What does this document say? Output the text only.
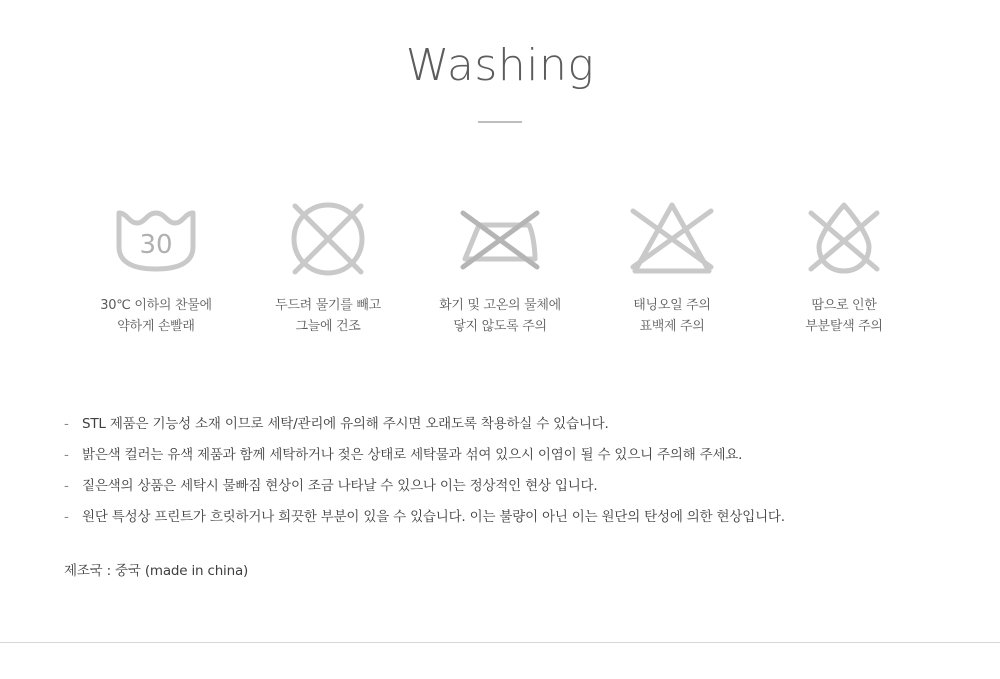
Washing
30
30℃ 이하의 찬물에
약하게 손빨래
두드려 물기를 빼고
그늘에 건조
화기 및 고온의 물체에
닿지 않도록 주의
태닝오일 주의
표백제 주의
땀으로 인한
부분탈색 주의
- STL 제품은 기능성 소재 이므로 세탁/관리에 유의해 주시면 오래도록 착용하실 수 있습니다.
- 밝은색 컬러는 유색 제품과 함께 세탁하거나 젖은 상태로 세탁물과 섞여 있으시 이염이 될 수 있으니 주의해 주세요.
- 짙은색의 상품은 세탁시 물빠짐 현상이 조금 나타날 수 있으나 이는 정상적인 현상 입니다.
- 원단 특성상 프린트가 흐릿하거나 희끗한 부분이 있을 수 있습니다. 이는 불량이 아닌 이는 원단의 탄성에 의한 현상입니다.
제조국 : 중국 (made in china)
